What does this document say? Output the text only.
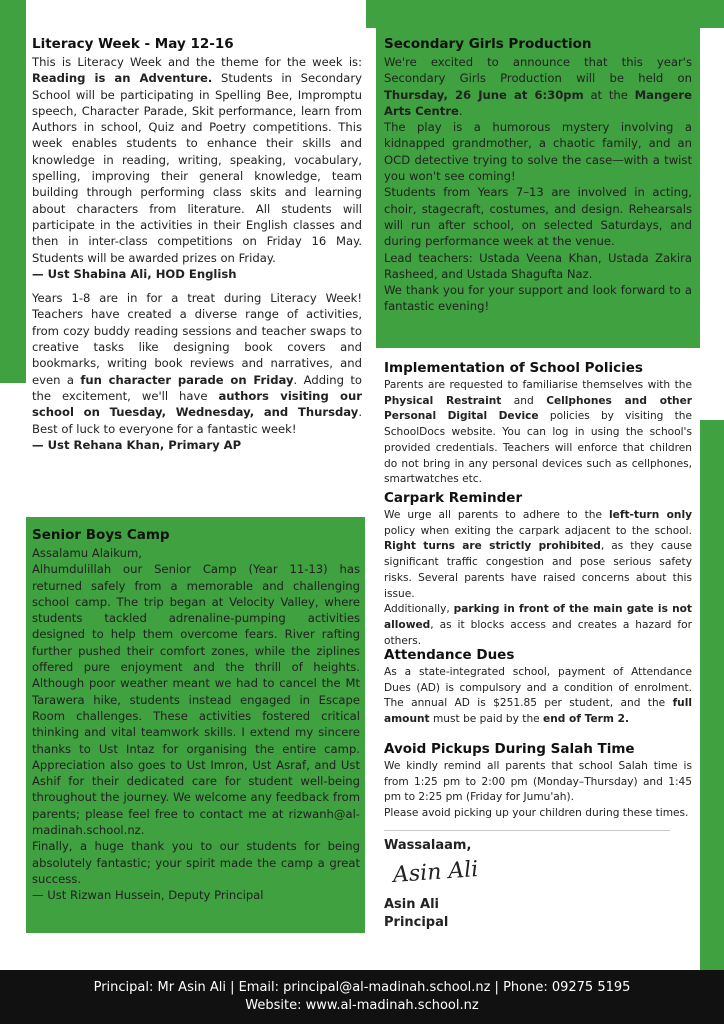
Literacy Week - May 12-16

This is Literacy Week and the theme for the week is: Reading is an Adventure. Students in Secondary School will be participating in Spelling Bee, Impromptu speech, Character Parade, Skit performance, learn from Authors in school, Quiz and Poetry competitions. This week enables students to enhance their skills and knowledge in reading, writing, speaking, vocabulary, spelling, improving their general knowledge, team building through performing class skits and learning about characters from literature. All students will participate in the activities in their English classes and then in inter-class competitions on Friday 16 May. Students will be awarded prizes on Friday.

— Ust Shabina Ali, HOD English

Years 1-8 are in for a treat during Literacy Week! Teachers have created a diverse range of activities, from cozy buddy reading sessions and teacher swaps to creative tasks like designing book covers and bookmarks, writing book reviews and narratives, and even a fun character parade on Friday. Adding to the excitement, we'll have authors visiting our school on Tuesday, Wednesday, and Thursday. Best of luck to everyone for a fantastic week!

— Ust Rehana Khan, Primary AP

Senior Boys Camp

Assalamu Alaikum,

Alhumdulillah our Senior Camp (Year 11-13) has returned safely from a memorable and challenging school camp. The trip began at Velocity Valley, where students tackled adrenaline-pumping activities designed to help them overcome fears. River rafting further pushed their comfort zones, while the ziplines offered pure enjoyment and the thrill of heights. Although poor weather meant we had to cancel the Mt Tarawera hike, students instead engaged in Escape Room challenges. These activities fostered critical thinking and vital teamwork skills. I extend my sincere thanks to Ust Intaz for organising the entire camp. Appreciation also goes to Ust Imron, Ust Asraf, and Ust Ashif for their dedicated care for student well-being throughout the journey. We welcome any feedback from parents; please feel free to contact me at rizwanh@al-madinah.school.nz.

Finally, a huge thank you to our students for being absolutely fantastic; your spirit made the camp a great success.

— Ust Rizwan Hussein, Deputy Principal

Secondary Girls Production

We're excited to announce that this year's Secondary Girls Production will be held on Thursday, 26 June at 6:30pm at the Mangere Arts Centre.

The play is a humorous mystery involving a kidnapped grandmother, a chaotic family, and an OCD detective trying to solve the case—with a twist you won't see coming!

Students from Years 7–13 are involved in acting, choir, stagecraft, costumes, and design. Rehearsals will run after school, on selected Saturdays, and during performance week at the venue.

Lead teachers: Ustada Veena Khan, Ustada Zakira Rasheed, and Ustada Shagufta Naz.

We thank you for your support and look forward to a fantastic evening!

Implementation of School Policies

Parents are requested to familiarise themselves with the Physical Restraint and Cellphones and other Personal Digital Device policies by visiting the SchoolDocs website. You can log in using the school's provided credentials. Teachers will enforce that children do not bring in any personal devices such as cellphones, smartwatches etc.

Carpark Reminder

We urge all parents to adhere to the left-turn only policy when exiting the carpark adjacent to the school. Right turns are strictly prohibited, as they cause significant traffic congestion and pose serious safety risks. Several parents have raised concerns about this issue.

Additionally, parking in front of the main gate is not allowed, as it blocks access and creates a hazard for others.

Attendance Dues

As a state-integrated school, payment of Attendance Dues (AD) is compulsory and a condition of enrolment. The annual AD is $251.85 per student, and the full amount must be paid by the end of Term 2.

Avoid Pickups During Salah Time

We kindly remind all parents that school Salah time is from 1:25 pm to 2:00 pm (Monday–Thursday) and 1:45 pm to 2:25 pm (Friday for Jumu'ah).

Please avoid picking up your children during these times.

Wassalaam,

Asin Ali

Asin Ali

Principal

Principal: Mr Asin Ali | Email: principal@al-madinah.school.nz | Phone: 09275 5195
Website: www.al-madinah.school.nz
